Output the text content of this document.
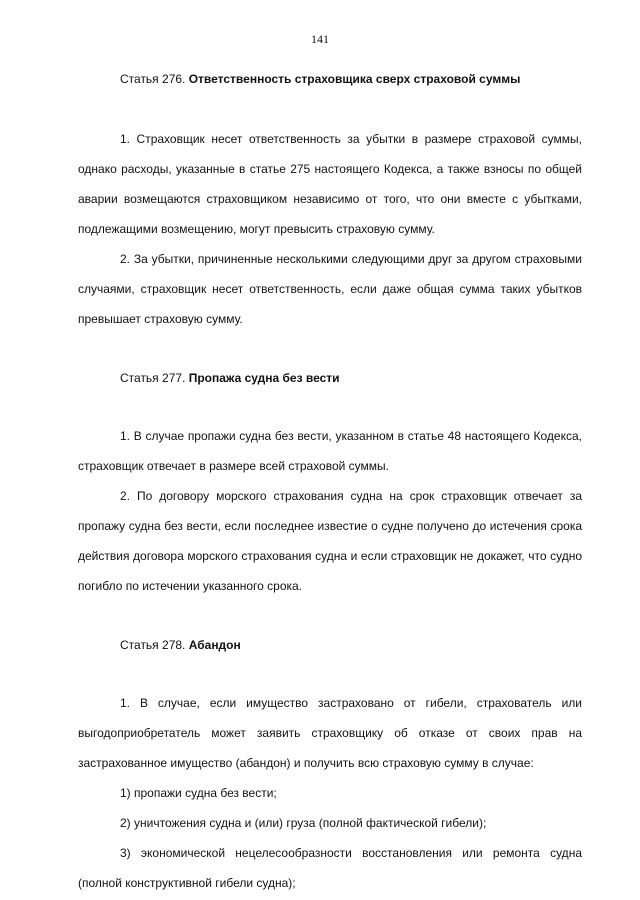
141

Статья 276. Ответственность страховщика сверх страховой суммы

1. Страховщик несет ответственность за убытки в размере страховой суммы, однако расходы, указанные в статье 275 настоящего Кодекса, а также взносы по общей аварии возмещаются страховщиком независимо от того, что они вместе с убытками, подлежащими возмещению, могут превысить страховую сумму.

2. За убытки, причиненные несколькими следующими друг за другом страховыми случаями, страховщик несет ответственность, если даже общая сумма таких убытков превышает страховую сумму.

Статья 277. Пропажа судна без вести

1. В случае пропажи судна без вести, указанном в статье 48 настоящего Кодекса, страховщик отвечает в размере всей страховой суммы.

2. По договору морского страхования судна на срок страховщик отвечает за пропажу судна без вести, если последнее известие о судне получено до истечения срока действия договора морского страхования судна и если страховщик не докажет, что судно погибло по истечении указанного срока.

Статья 278. Абандон

1. В случае, если имущество застраховано от гибели, страхователь или выгодоприобретатель может заявить страховщику об отказе от своих прав на застрахованное имущество (абандон) и получить всю страховую сумму в случае:

1) пропажи судна без вести;

2) уничтожения судна и (или) груза (полной фактической гибели);

3) экономической нецелесообразности восстановления или ремонта судна (полной конструктивной гибели судна);
